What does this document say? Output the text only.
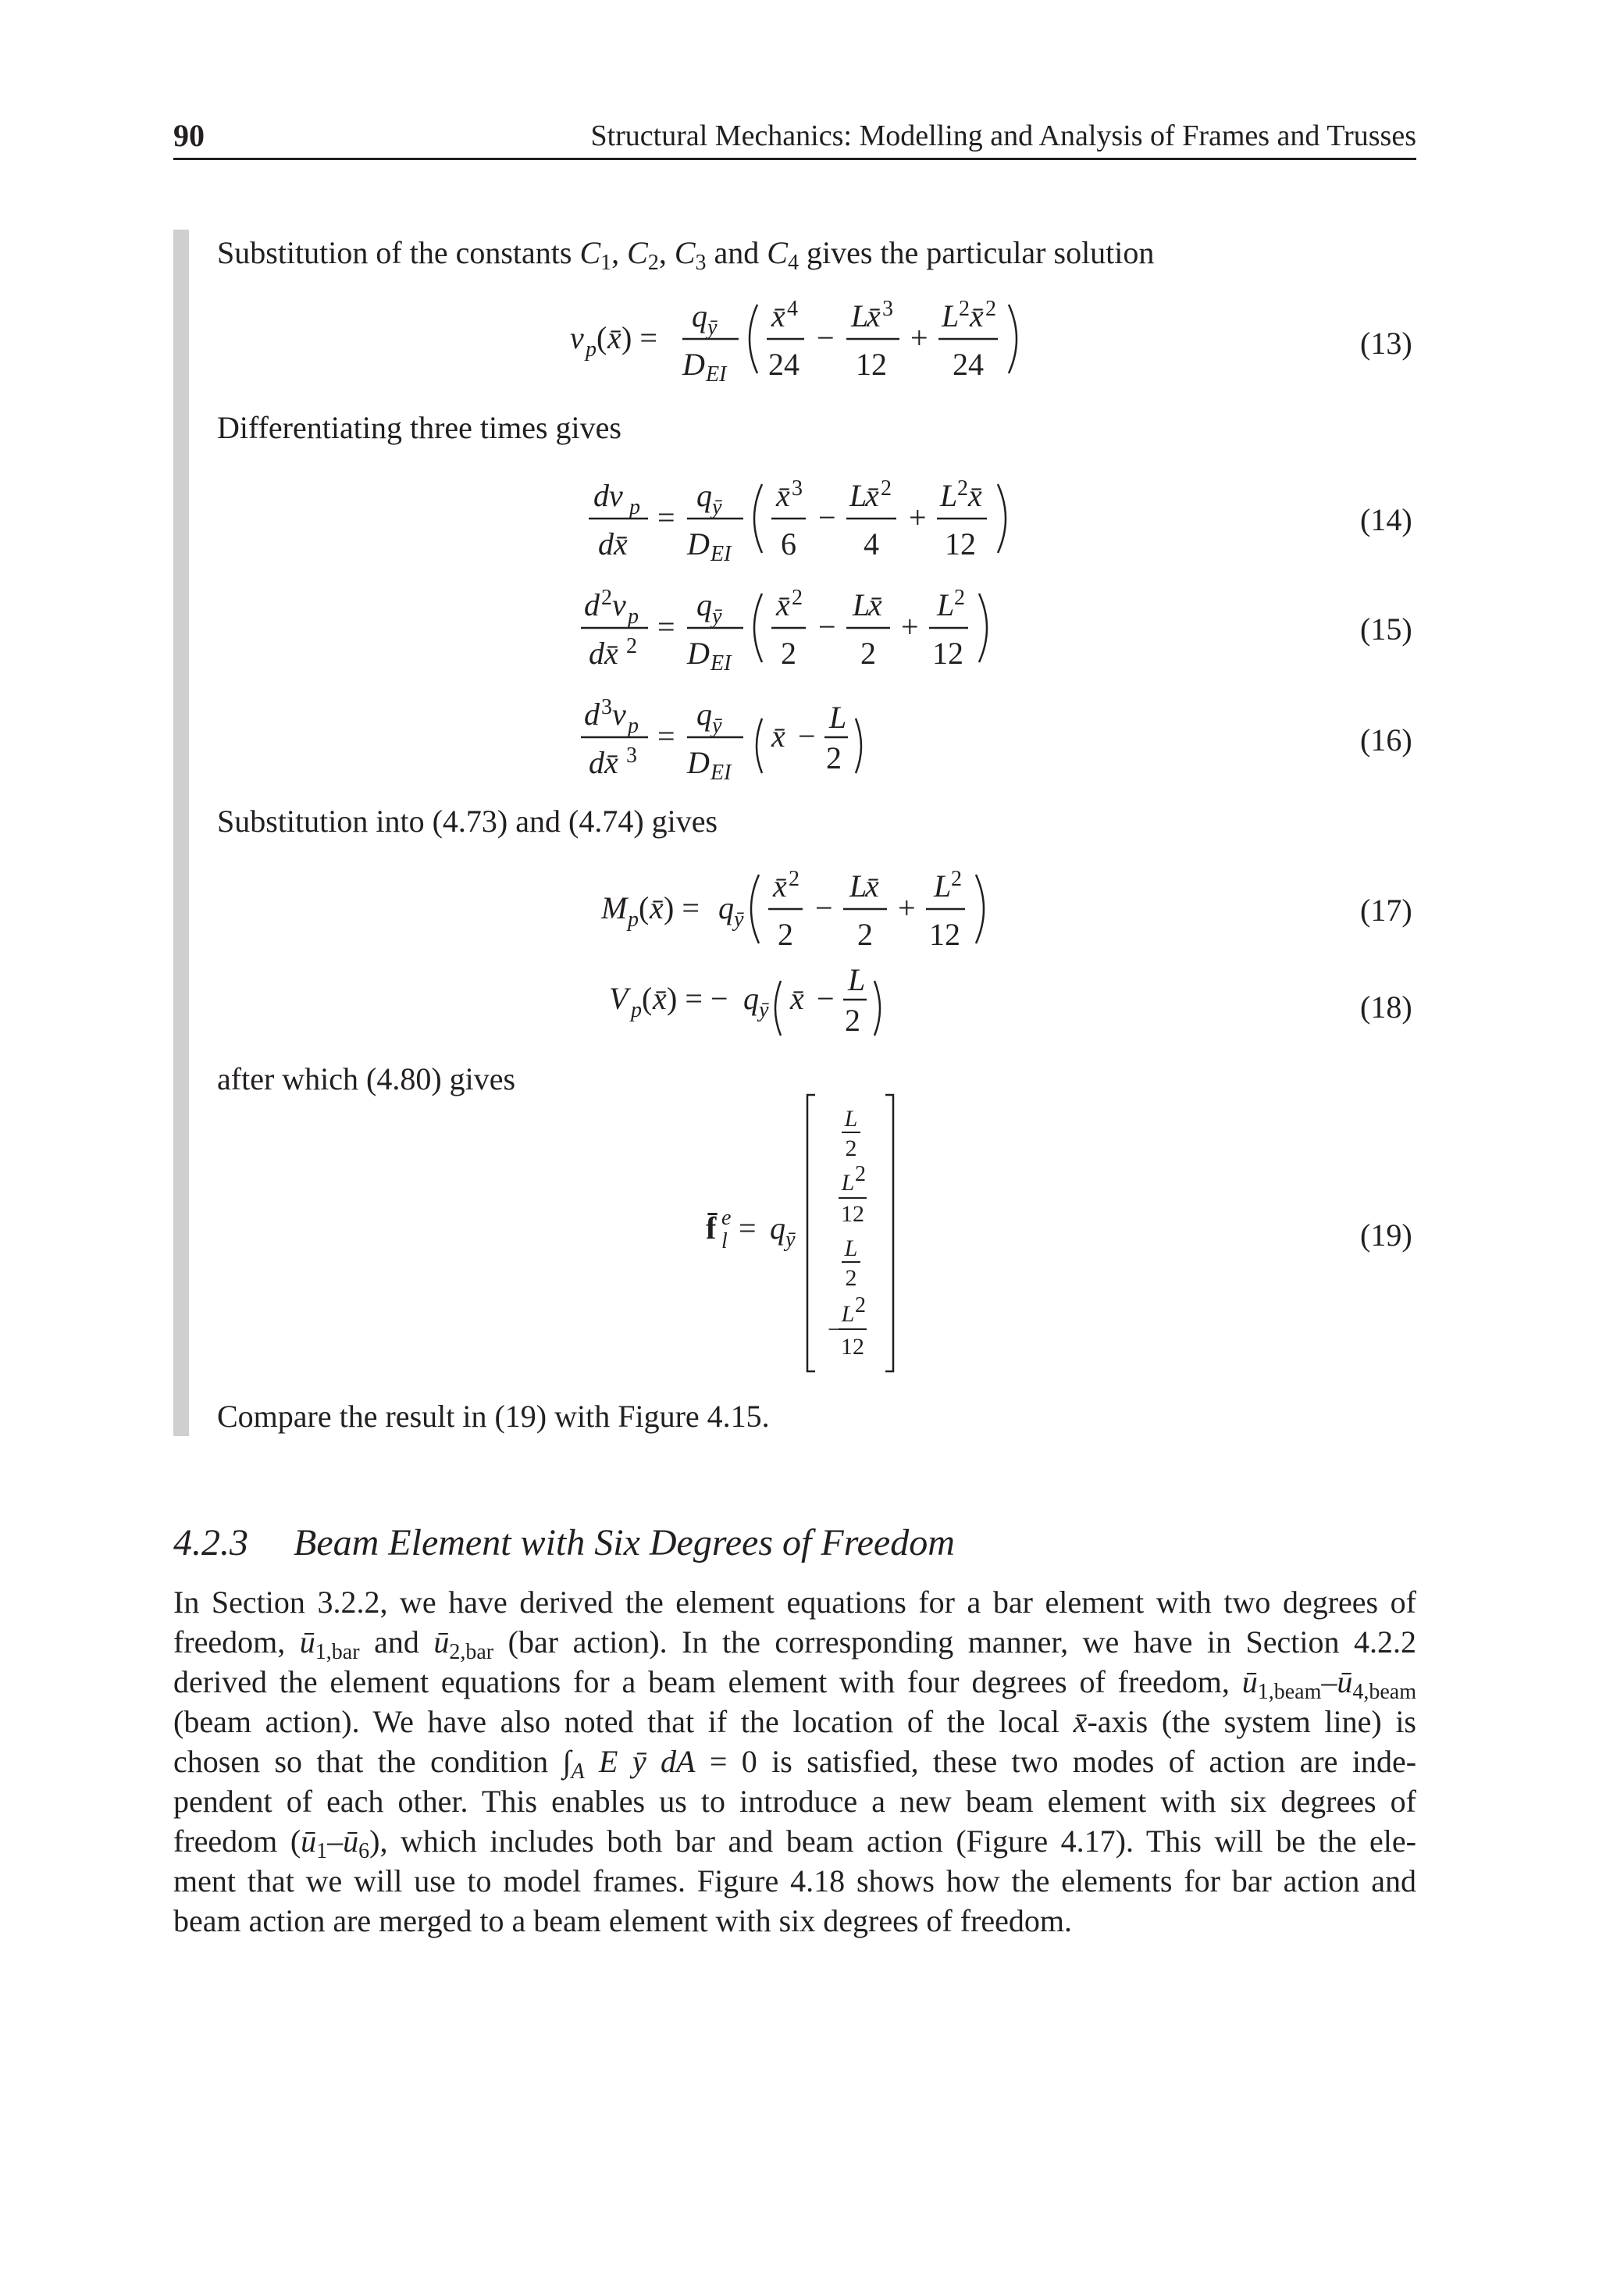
90	Structural Mechanics: Modelling and Analysis of Frames and Trusses
Substitution of the constants $C_1$, $C_2$, $C_3$ and $C_4$ gives the particular solution
v p ( x̄ ) =
q ȳ
D EI
x̄ 4
24
−
L
x̄ 3
12
+
L 2 x̄ 2
24
(13)
Differentiating three times gives
dv p
dx̄
=
q ȳ
D EI
x̄ 3
6
−
L
x̄ 2
4
+
L 2 x̄
12
(14)
d 2 v p
dx̄ 2
=
q ȳ
D EI
x̄ 2
2
−
L
x̄
2
+
L 2
12
(15)
d 3 v p
dx̄ 3
=
q ȳ
D EI
x̄ −
L
2
(16)
Substitution into (4.73) and (4.74) gives
M p ( x̄ ) = q ȳ
x̄ 2
2
−
L
x̄
2
+
L 2
12
(17)
V p ( x̄ ) = − q ȳ x̄ −
L
2	(18)
after which (4.80) gives
f̄ e
l = q ȳ
L
2
L 2
12
L
2
−
L 2
12
(19)
Compare the result in (19) with Figure 4.15.
4.2.3 Beam Element with Six Degrees of Freedom
In Section 3.2.2, we have derived the element equations for a bar element with two degrees of
freedom, $ū_{1,bar}$ and $ū_{2,bar}$ (bar action). In the corresponding manner, we have in Section 4.2.2
derived the element equations for a beam element with four degrees of freedom, $ū_{1,beam}-ū_{4,beam}$
(beam action). We have also noted that if the location of the local x̄-axis (the system line) is
chosen so that the condition $\int_A$ E ȳ dA = 0 is satisfied, these two modes of action are inde-
pendent of each other. This enables us to introduce a new beam element with six degrees of
freedom $(ū_1-ū_6)$, which includes both bar and beam action (Figure 4.17). This will be the ele-
ment that we will use to model frames. Figure 4.18 shows how the elements for bar action and
beam action are merged to a beam element with six degrees of freedom.
